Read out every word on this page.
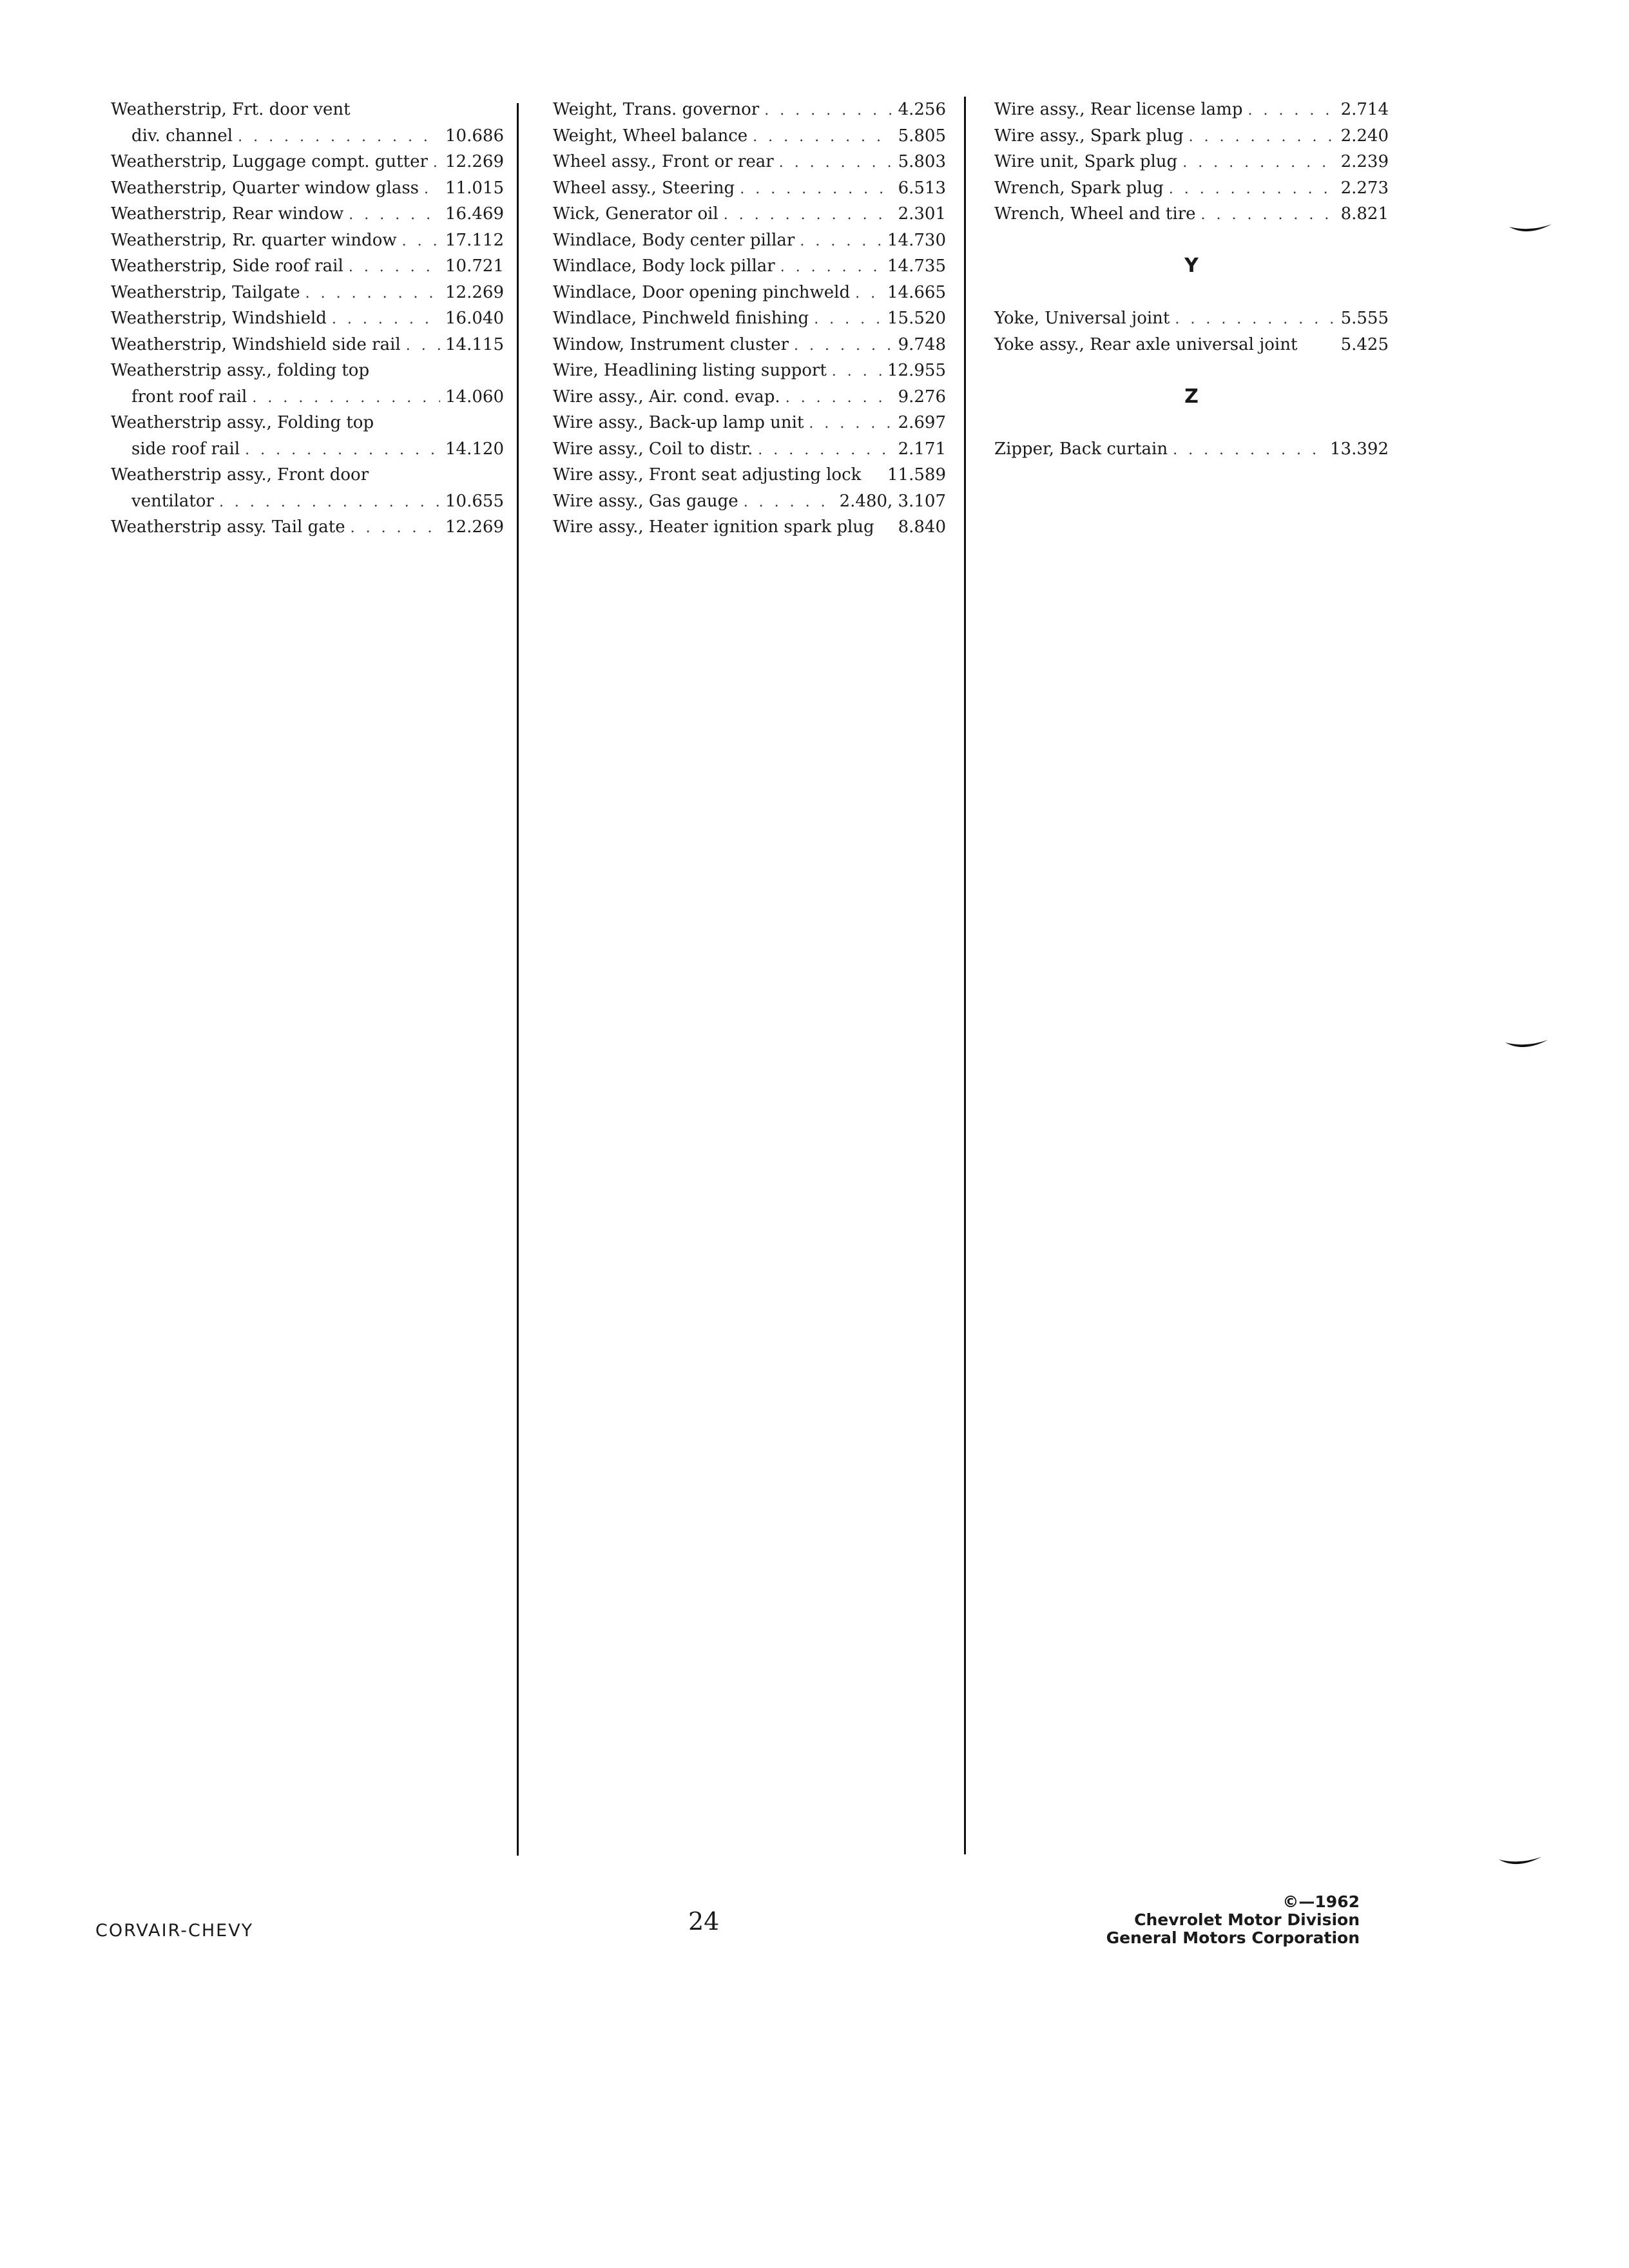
Weatherstrip, Frt. door vent
div. channel . . .	10.686
Weatherstrip, Luggage compt. gutter . . . 12.269
Weatherstrip, Quarter window glass . . . 11.015
Weatherstrip, Rear window . . .	16.469
Weatherstrip, Rr. quarter window . . .	17.112
Weatherstrip, Side roof rail . . .	10.721
Weatherstrip, Tailgate . . .	12.269
Weatherstrip, Windshield . . .	16.040
Weatherstrip, Windshield side rail . . .	14.115
Weatherstrip assy., folding top
front roof rail . . .	14.060
Weatherstrip assy., Folding top
side roof rail . . .	14.120
Weatherstrip assy., Front door
ventilator . . .	10.655
Weatherstrip assy. Tail gate . . .	12.269
Weight, Trans. governor . . .	4.256
Weight, Wheel balance . . .	5.805
Wheel assy., Front or rear . . .	5.803
Wheel assy., Steering . . .	6.513
Wick, Generator oil . . .	2.301
Windlace, Body center pillar . . .	14.730
Windlace, Body lock pillar . . .	14.735
Windlace, Door opening pinchweld . . . 14.665
Windlace, Pinchweld finishing . . .	15.520
Window, Instrument cluster . . .	9.748
Wire, Headlining listing support . . .	12.955
Wire assy., Air. cond. evap. . . .	9.276
Wire assy., Back-up lamp unit . . .	2.697
Wire assy., Coil to distr. . . .	2.171
Wire assy., Front seat adjusting lock 11.589
Wire assy., Gas gauge . . .	2.480, 3.107
Wire assy., Heater ignition spark plug 8.840
Wire assy., Rear license lamp . . .	2.714
Wire assy., Spark plug . . .	2.240
Wire unit, Spark plug . . .	2.239
Wrench, Spark plug . . .	2.273
Wrench, Wheel and tire . . .	8.821
Y
Yoke, Universal joint . . .	5.555
Yoke assy., Rear axle universal joint	5.425
Z
Zipper, Back curtain . . .	13.392
CORVAIR-CHEVY	24
©—1962
Chevrolet Motor Division
General Motors Corporation
